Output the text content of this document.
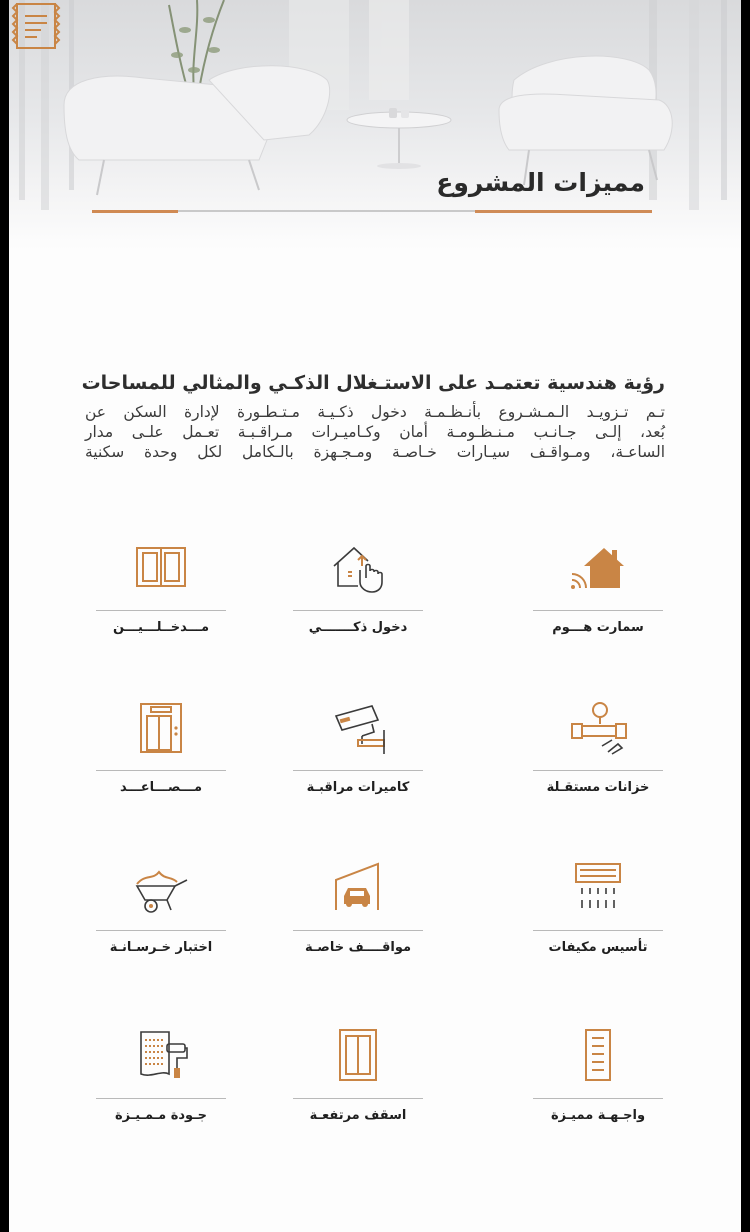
مميزات المشروع
رؤية هندسية تعتمـد على الاستـغلال الذكـي والمثالي للمساحات
تـم تـزويـد الـمـشـروع بأنـظـمـة دخول ذكـيـة مـتـطـورة لإدارة السكن عن
بُعد، إلـى جـانـب مـنـظـومـة أمان وكـاميـرات مـراقـبـة تعـمل علـى مدار
الساعـة، ومـواقـف سيـارات خـاصـة ومـجـهزة بالـكامل لكل وحدة سكنية
سمارت هـــوم
دخول ذكـــــــي
مـــدخــلـــيـــن
خزانات مستقـلة
كاميرات مراقبـة
مـــصـــاعـــد
تأسيس مكيفات
مواقــــف خاصـة
اختبار خـرسـانـة
واجـهـة مميـزة
اسقف مرتفعـة
جـودة مـمـيـزة
